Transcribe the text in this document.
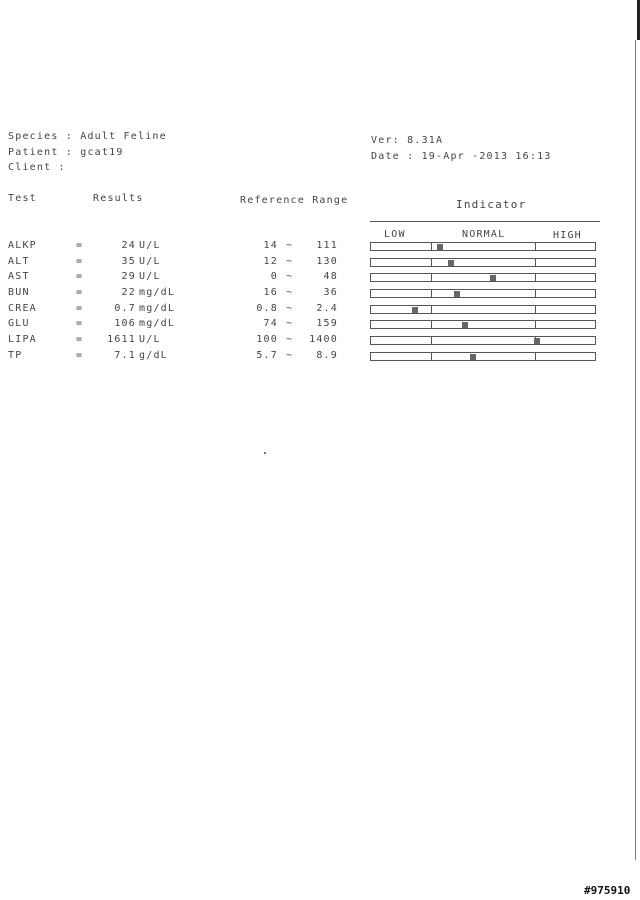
Species : Adult Feline
Patient : gcat19
Client :
Ver: 8.31A
Date : 19-Apr -2013 16:13
Test	Results	Reference Range	Indicator
LOW	NORMAL	HIGH
ALKP	=	24 U/L	14 ~	111
ALT	=	35 U/L	12 ~	130
AST	=	29 U/L	0 ~	48
BUN	=	22 mg/dL	16 ~	36
CREA	=	0.7 mg/dL	0.8 ~	2.4
GLU	=	106 mg/dL	74 ~	159
LIPA	=	1611 U/L	100 ~	1400
TP	=	7.1 g/dL	5.7 ~	8.9
#975910
